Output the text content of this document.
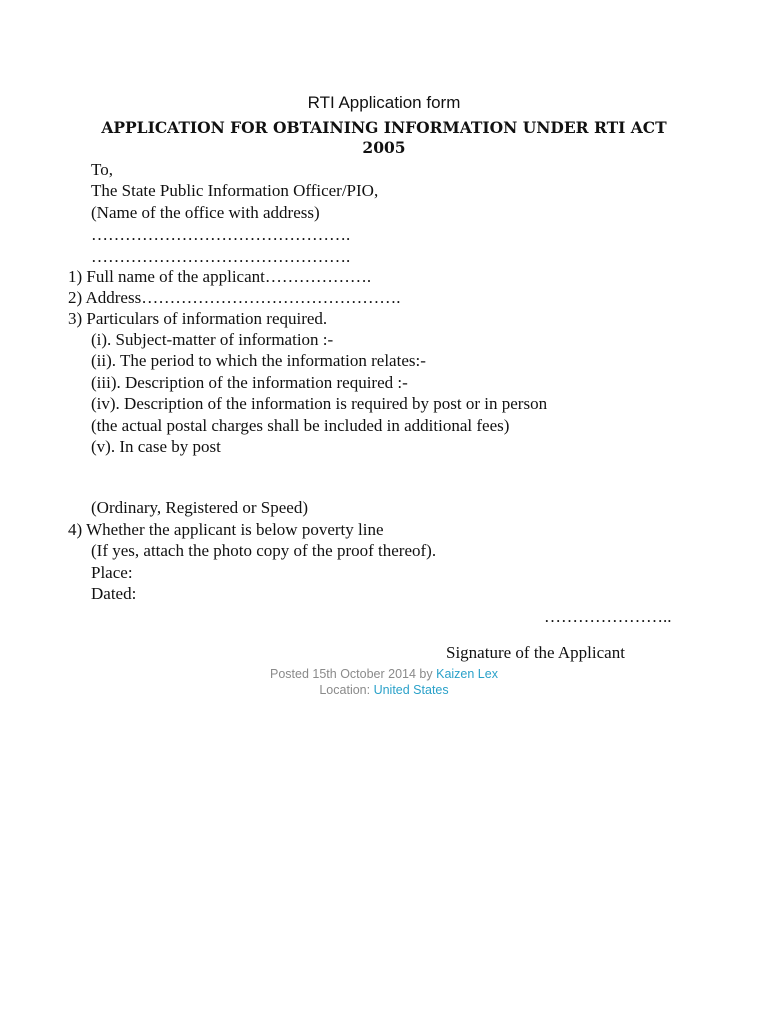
RTI Application form
APPLICATION FOR OBTAINING INFORMATION UNDER RTI ACT 2005
To,
The State Public Information Officer/PIO,
(Name of the office with address)
……………………………………….
……………………………………….
1) Full name of the applicant……………….
2) Address……………………………………….
3) Particulars of information required.
(i). Subject-matter of information :-
(ii). The period to which the information relates:-
(iii). Description of the information required :-
(iv). Description of the information is required by post or in person
(the actual postal charges shall be included in additional fees)
(v). In case by post
(Ordinary, Registered or Speed)
4) Whether the applicant is below poverty line
(If yes, attach the photo copy of the proof thereof).
Place:
Dated:
…………………..
Signature of the Applicant
Posted 15th October 2014 by Kaizen Lex
Location: United States
